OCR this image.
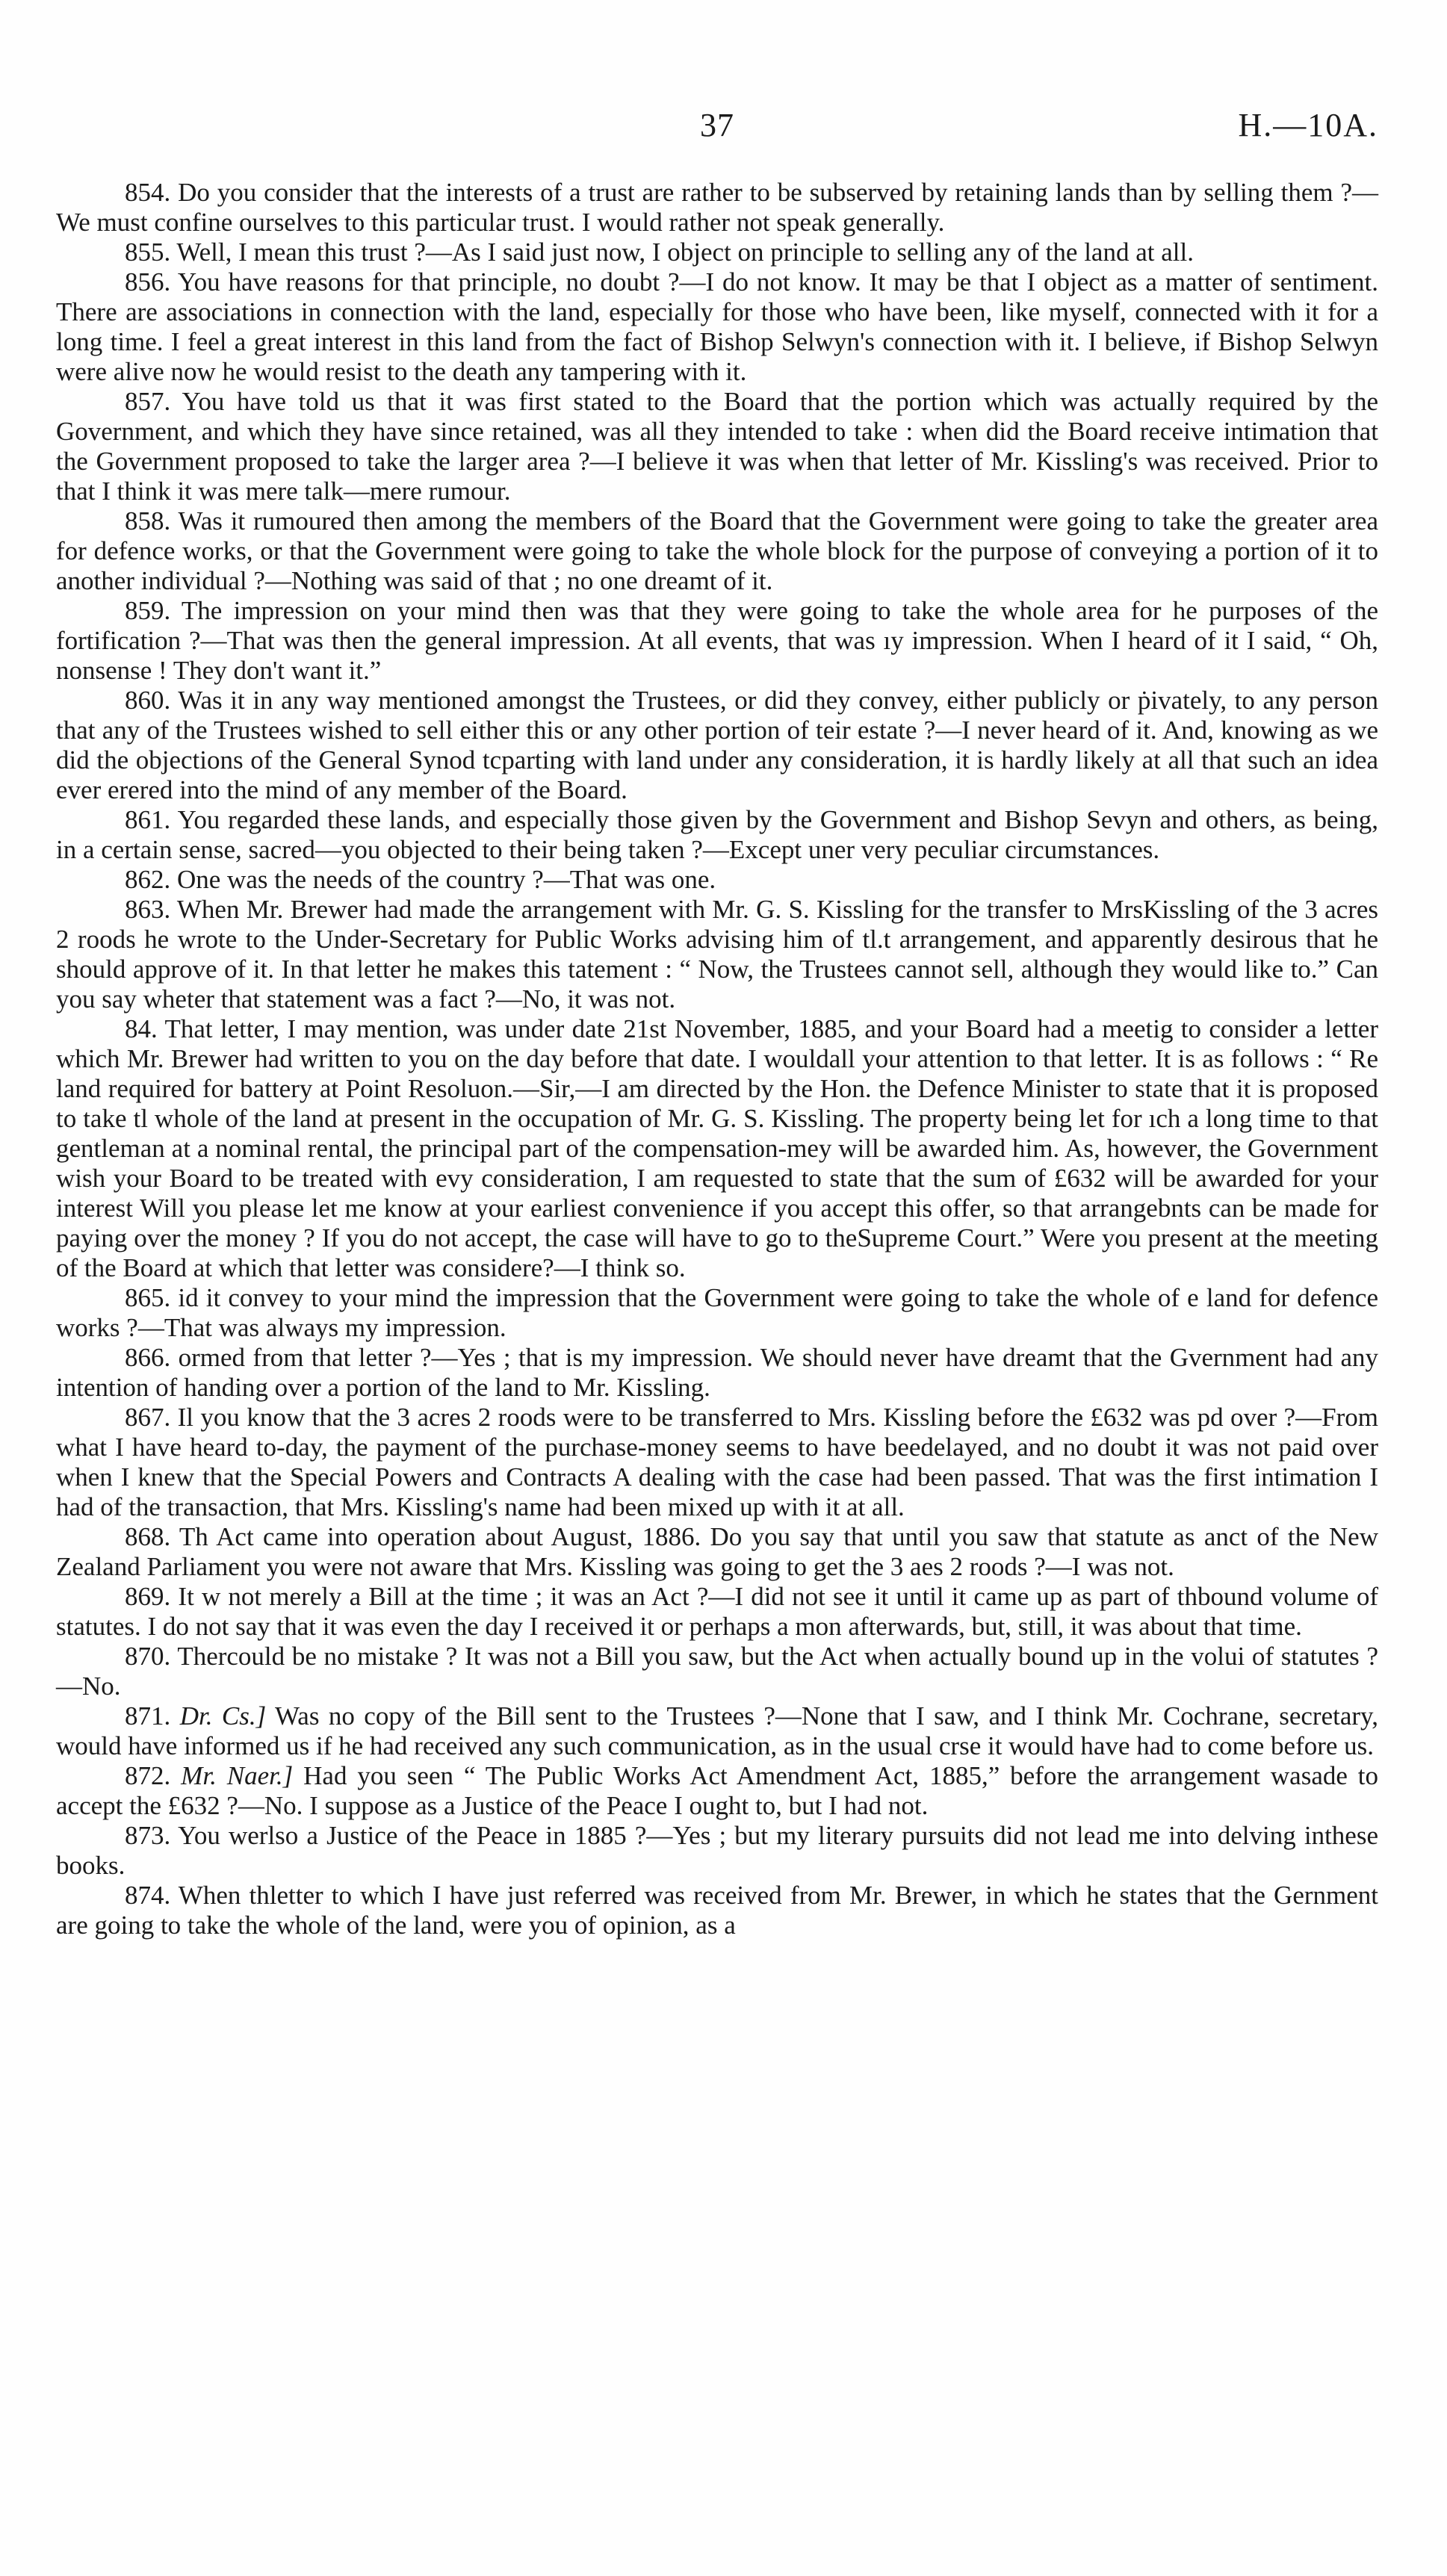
37	H.—10A.

854. Do you consider that the interests of a trust are rather to be subserved by retaining lands than by selling them ?—We must confine ourselves to this particular trust. I would rather not speak generally.

855. Well, I mean this trust ?—As I said just now, I object on principle to selling any of the land at all.

856. You have reasons for that principle, no doubt ?—I do not know. It may be that I object as a matter of sentiment. There are associations in connection with the land, especially for those who have been, like myself, connected with it for a long time. I feel a great interest in this land from the fact of Bishop Selwyn's connection with it. I believe, if Bishop Selwyn were alive now he would resist to the death any tampering with it.

857. You have told us that it was first stated to the Board that the portion which was actually required by the Government, and which they have since retained, was all they intended to take : when did the Board receive intimation that the Government proposed to take the larger area ?—I believe it was when that letter of Mr. Kissling's was received. Prior to that I think it was mere talk—mere rumour.

858. Was it rumoured then among the members of the Board that the Government were going to take the greater area for defence works, or that the Government were going to take the whole block for the purpose of conveying a portion of it to another individual ?—Nothing was said of that ; no one dreamt of it.

859. The impression on your mind then was that they were going to take the whole area for he purposes of the fortification ?—That was then the general impression. At all events, that was ıy impression. When I heard of it I said, “ Oh, nonsense ! They don't want it.”

860. Was it in any way mentioned amongst the Trustees, or did they convey, either publicly or ṗivately, to any person that any of the Trustees wished to sell either this or any other portion of teir estate ?—I never heard of it. And, knowing as we did the objections of the General Synod tcparting with land under any consideration, it is hardly likely at all that such an idea ever erered into the mind of any member of the Board.

861. You regarded these lands, and especially those given by the Government and Bishop Sevyn and others, as being, in a certain sense, sacred—you objected to their being taken ?—Except uner very peculiar circumstances.

862. One was the needs of the country ?—That was one.

863. When Mr. Brewer had made the arrangement with Mr. G. S. Kissling for the transfer to MrsKissling of the 3 acres 2 roods he wrote to the Under-Secretary for Public Works advising him of tl.t arrangement, and apparently desirous that he should approve of it. In that letter he makes this tatement : “ Now, the Trustees cannot sell, although they would like to.” Can you say wheter that statement was a fact ?—No, it was not.

84. That letter, I may mention, was under date 21st November, 1885, and your Board had a meetig to consider a letter which Mr. Brewer had written to you on the day before that date. I wouldall your attention to that letter. It is as follows : “ Re land required for battery at Point Resoluon.—Sir,—I am directed by the Hon. the Defence Minister to state that it is proposed to take tl whole of the land at present in the occupation of Mr. G. S. Kissling. The property being let for ıch a long time to that gentleman at a nominal rental, the principal part of the compensation-mey will be awarded him. As, however, the Government wish your Board to be treated with evy consideration, I am requested to state that the sum of £632 will be awarded for your interest Will you please let me know at your earliest convenience if you accept this offer, so that arrangebnts can be made for paying over the money ? If you do not accept, the case will have to go to theSupreme Court.” Were you present at the meeting of the Board at which that letter was considere?—I think so.

865. id it convey to your mind the impression that the Government were going to take the whole of e land for defence works ?—That was always my impression.

866. ormed from that letter ?—Yes ; that is my impression. We should never have dreamt that the Gvernment had any intention of handing over a portion of the land to Mr. Kissling.

867. Il you know that the 3 acres 2 roods were to be transferred to Mrs. Kissling before the £632 was pd over ?—From what I have heard to-day, the payment of the purchase-money seems to have beedelayed, and no doubt it was not paid over when I knew that the Special Powers and Contracts A dealing with the case had been passed. That was the first intimation I had of the transaction, that Mrs. Kissling's name had been mixed up with it at all.

868. Th Act came into operation about August, 1886. Do you say that until you saw that statute as anct of the New Zealand Parliament you were not aware that Mrs. Kissling was going to get the 3 aes 2 roods ?—I was not.

869. It w not merely a Bill at the time ; it was an Act ?—I did not see it until it came up as part of thbound volume of statutes. I do not say that it was even the day I received it or perhaps a mon afterwards, but, still, it was about that time.

870. Thercould be no mistake ? It was not a Bill you saw, but the Act when actually bound up in the volui of statutes ?—No.

871. Dr. Cs.] Was no copy of the Bill sent to the Trustees ?—None that I saw, and I think Mr. Cochrane, secretary, would have informed us if he had received any such communication, as in the usual crse it would have had to come before us.

872. Mr. Naer.] Had you seen “ The Public Works Act Amendment Act, 1885,” before the arrangement wasade to accept the £632 ?—No. I suppose as a Justice of the Peace I ought to, but I had not.

873. You werlso a Justice of the Peace in 1885 ?—Yes ; but my literary pursuits did not lead me into delving inthese books.

874. When thletter to which I have just referred was received from Mr. Brewer, in which he states that the Gernment are going to take the whole of the land, were you of opinion, as a
